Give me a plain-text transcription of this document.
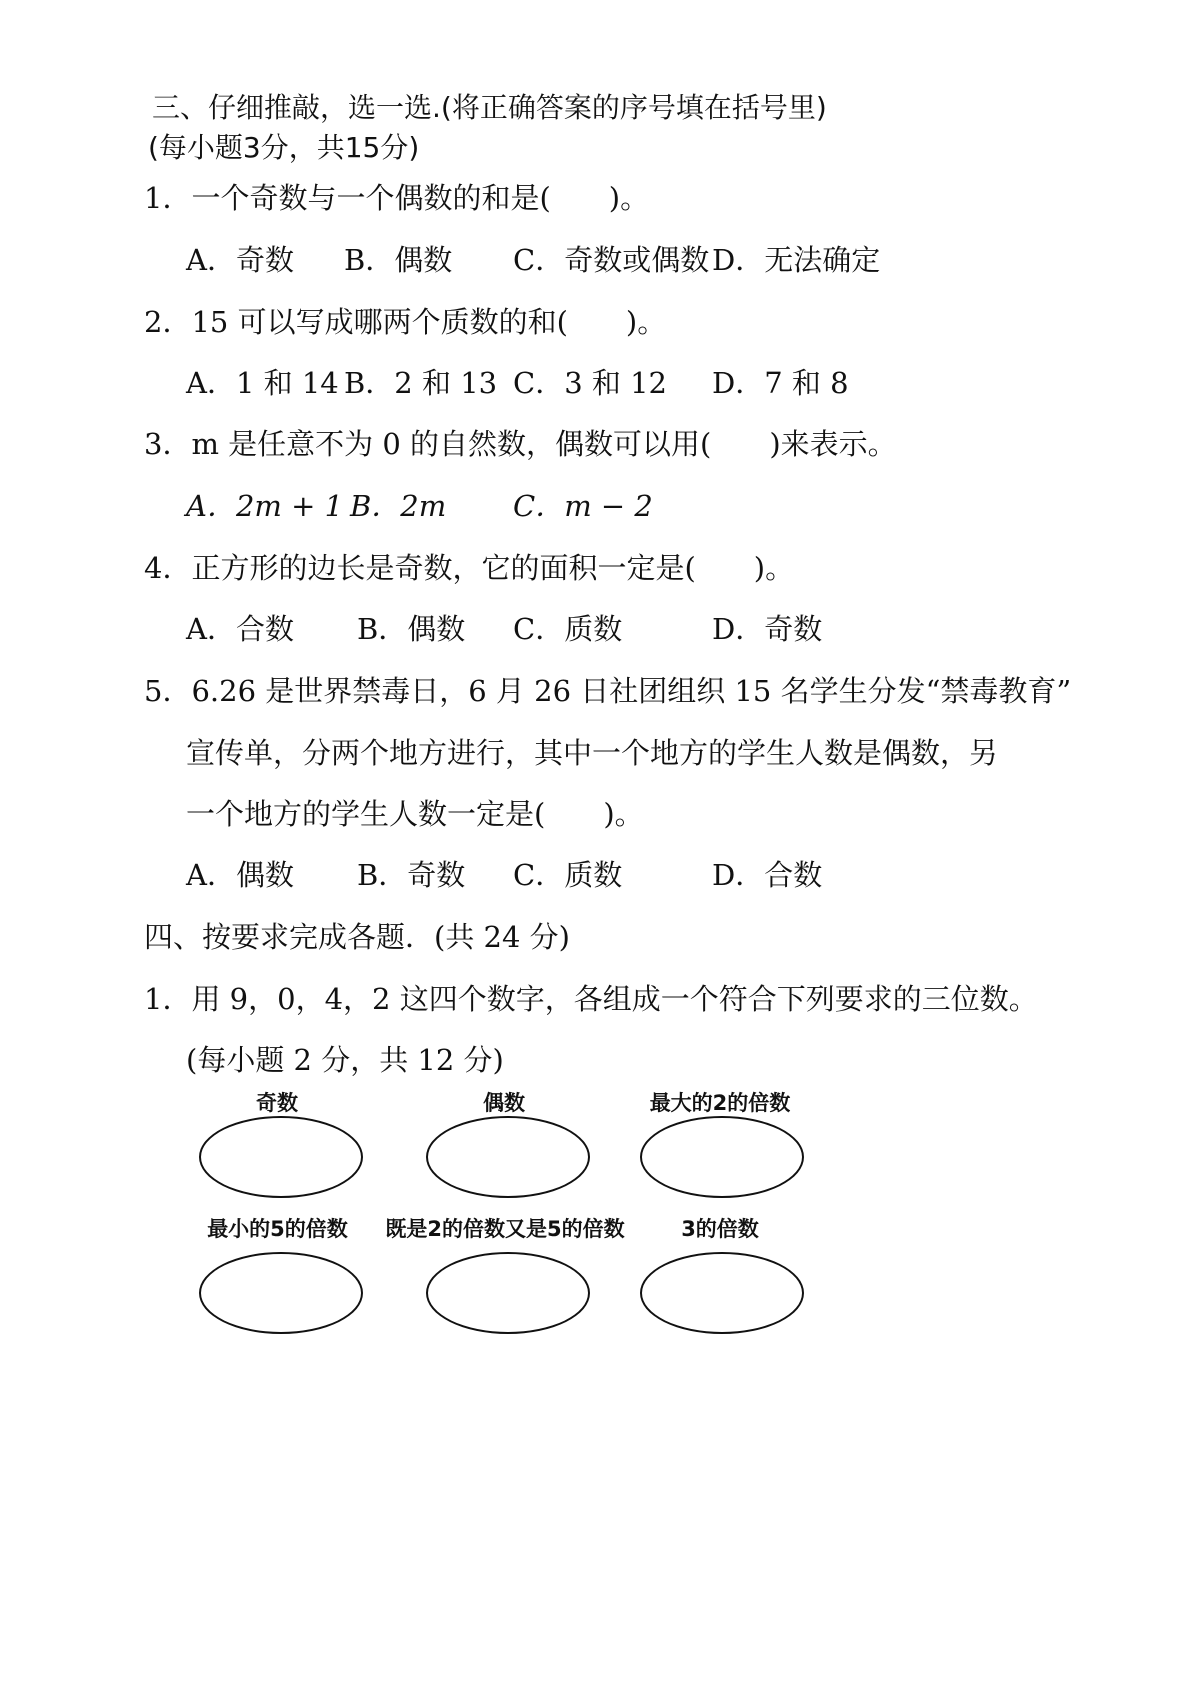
三、仔细推敲，选一选.(将正确答案的序号填在括号里)
(每小题3分，共15分)
1．一个奇数与一个偶数的和是(　　)。
A．奇数 B．偶数 C．奇数或偶数 D．无法确定
2．15 可以写成哪两个质数的和(　　)。
A．1 和 14 B．2 和 13 C．3 和 12 D．7 和 8
3．m 是任意不为 0 的自然数，偶数可以用(　　)来表示。
A．2m + 1 B．2m C．m − 2
4．正方形的边长是奇数，它的面积一定是(　　)。
A．合数 B．偶数 C．质数	D．奇数
5．6.26 是世界禁毒日，6 月 26 日社团组织 15 名学生分发“禁毒教育”
宣传单，分两个地方进行，其中一个地方的学生人数是偶数，另
一个地方的学生人数一定是(　　)。
A．偶数 B．奇数 C．质数	D．合数
四、按要求完成各题．(共 24 分)
1．用 9，0，4，2 这四个数字，各组成一个符合下列要求的三位数。
(每小题 2 分，共 12 分)
奇数	偶数	最大的2的倍数
最小的5的倍数	既是2的倍数又是5的倍数	3的倍数
